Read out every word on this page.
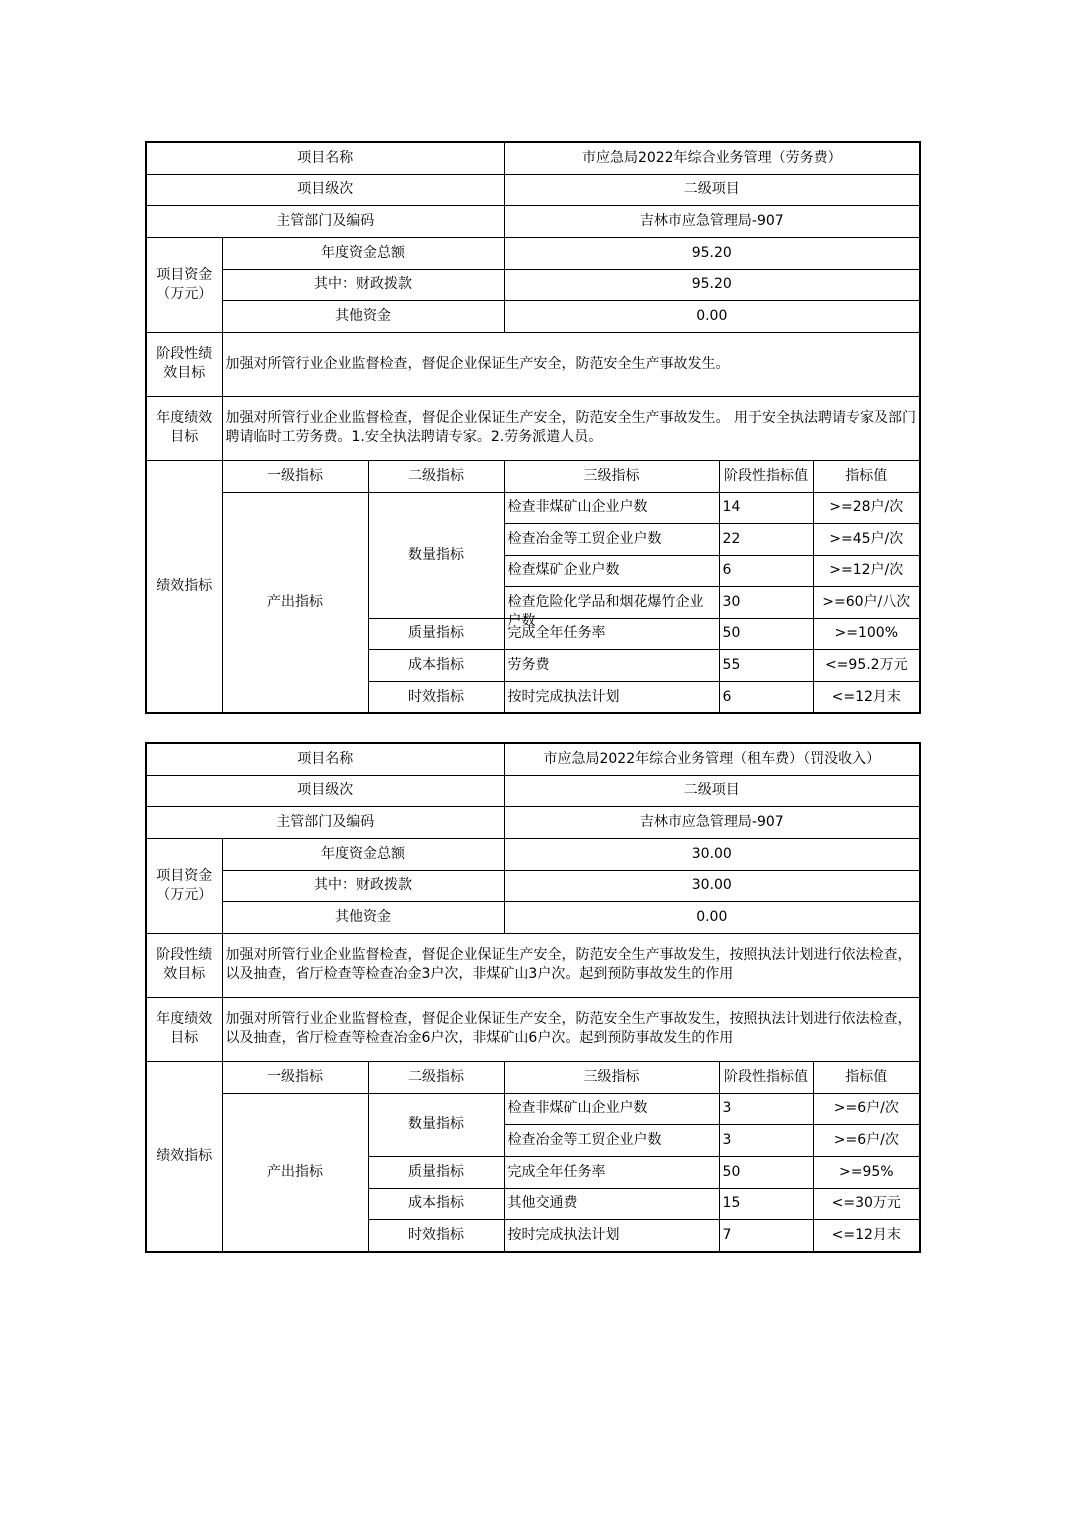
项目名称			市应急局2022年综合业务管理（劳务费）		
项目级次			二级项目		
主管部门及编码			吉林市应急管理局-907		
项目资金（万元）	年度资金总额		95.20		
	其中：财政拨款		95.20		
	其他资金		0.00		
阶段性绩效目标	加强对所管行业企业监督检查，督促企业保证生产安全，防范安全生产事故发生。				
年度绩效目标	加强对所管行业企业监督检查，督促企业保证生产安全，防范安全生产事故发生。 用于安全执法聘请专家及部门聘请临时工劳务费。1.安全执法聘请专家。2.劳务派遣人员。				
绩效指标	一级指标	二级指标	三级指标	阶段性指标值	指标值
	产出指标	数量指标	检查非煤矿山企业户数	14	>=28户/次
			检查冶金等工贸企业户数	22	>=45户/次
			检查煤矿企业户数	6	>=12户/次

			检查危险化学品和烟花爆竹企业户数	30	>=60户/八次
		质量指标	完成全年任务率	50	>=100%
		成本指标	劳务费	55	<=95.2万元
		时效指标	按时完成执法计划	6	<=12月末
项目名称			市应急局2022年综合业务管理（租车费）（罚没收入）		
项目级次			二级项目		
主管部门及编码			吉林市应急管理局-907		
项目资金（万元）	年度资金总额		30.00		
	其中：财政拨款		30.00		
	其他资金		0.00		
阶段性绩效目标	加强对所管行业企业监督检查，督促企业保证生产安全，防范安全生产事故发生，按照执法计划进行依法检查，以及抽查，省厅检查等检查冶金3户次，非煤矿山3户次。起到预防事故发生的作用				
年度绩效目标	加强对所管行业企业监督检查，督促企业保证生产安全，防范安全生产事故发生，按照执法计划进行依法检查，以及抽查，省厅检查等检查冶金6户次，非煤矿山6户次。起到预防事故发生的作用				
绩效指标	一级指标	二级指标	三级指标	阶段性指标值	指标值
	产出指标	数量指标	检查非煤矿山企业户数	3	>=6户/次
			检查冶金等工贸企业户数	3	>=6户/次
		质量指标	完成全年任务率	50	>=95%
		成本指标	其他交通费	15	<=30万元
		时效指标	按时完成执法计划	7	<=12月末
